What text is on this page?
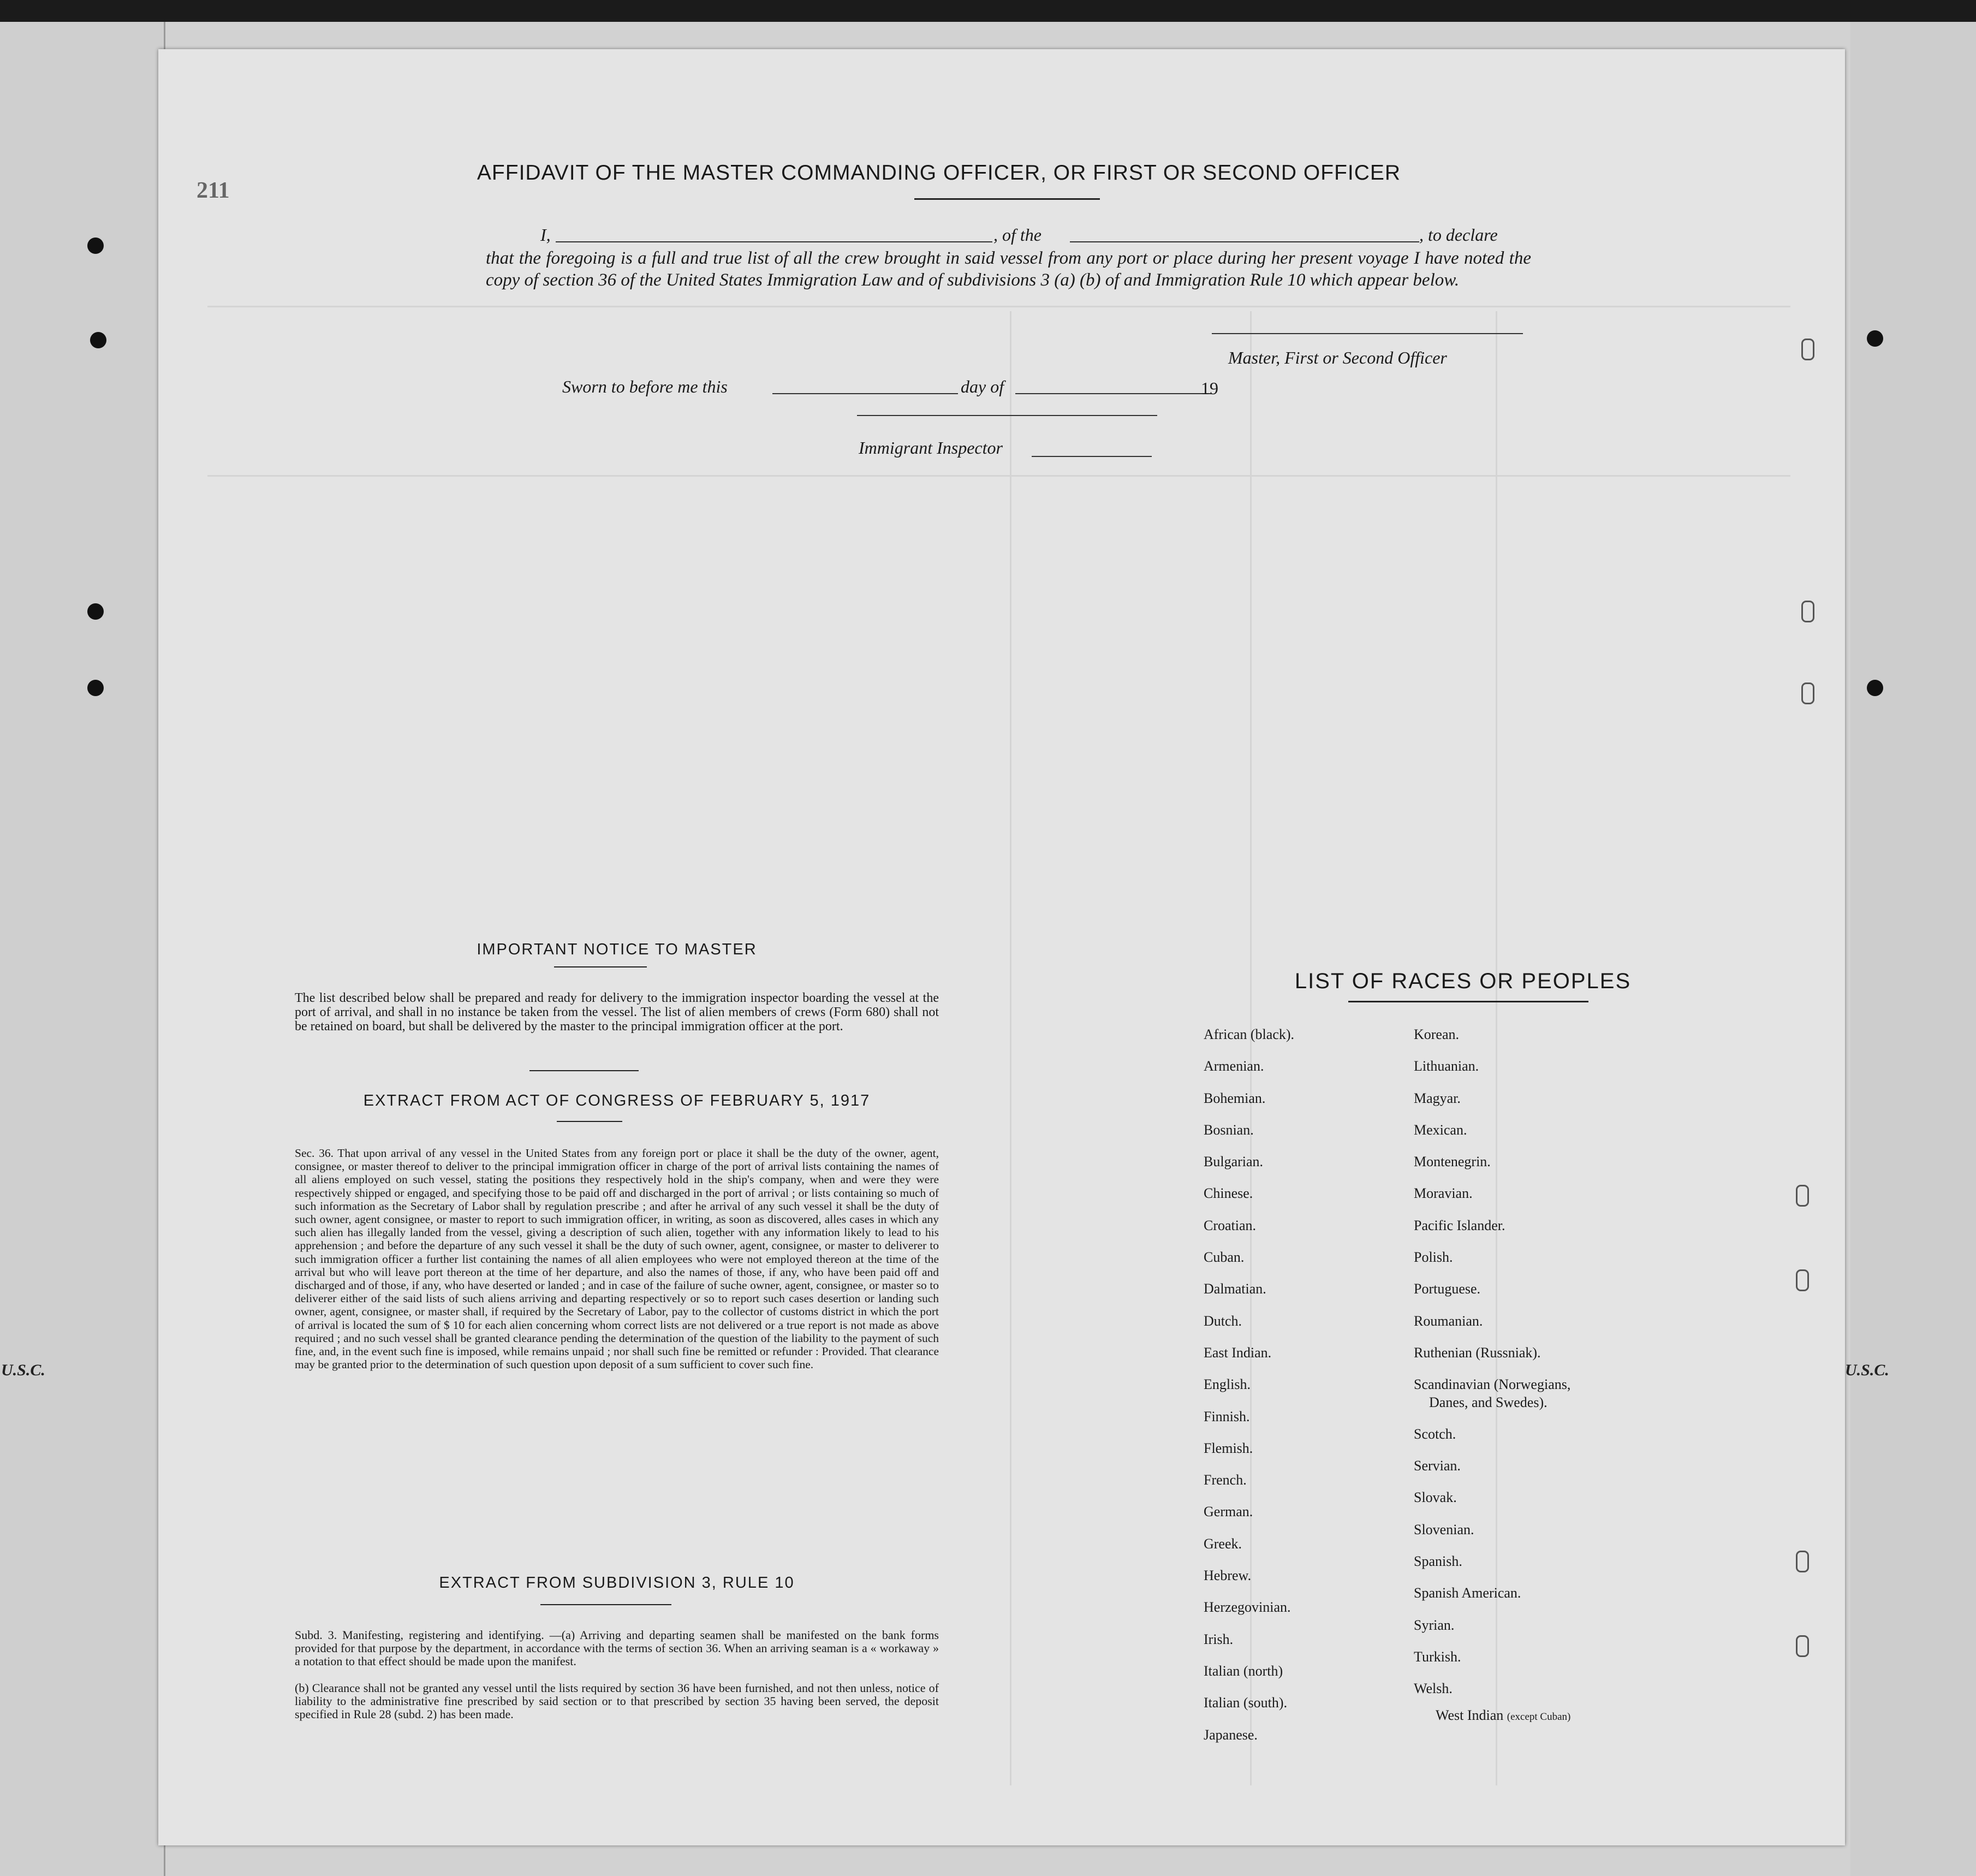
U.S.C.	U.S.C.
211
AFFIDAVIT OF THE MASTER COMMANDING OFFICER, OR FIRST OR SECOND OFFICER
I,	, of the	, to declare
that the foregoing is a full and true list of all the crew brought in said vessel from any port or place during her present voyage I have noted the copy of section 36 of the United States Immigration Law and of subdivisions 3 (a) (b) of and Immigration Rule 10 which appear below.
Master, First or Second Officer
Sworn to before me this	day of	19
Immigrant Inspector
IMPORTANT NOTICE TO MASTER
The list described below shall be prepared and ready for delivery to the immigration inspector boarding the vessel at the port of arrival, and shall in no instance be taken from the vessel. The list of alien members of crews (Form 680) shall not be retained on board, but shall be delivered by the master to the principal immigration officer at the port.
EXTRACT FROM ACT OF CONGRESS OF FEBRUARY 5, 1917
Sec. 36. That upon arrival of any vessel in the United States from any foreign port or place it shall be the duty of the owner, agent, consignee, or master thereof to deliver to the principal immigration officer in charge of the port of arrival lists containing the names of all aliens employed on such vessel, stating the positions they respectively hold in the ship's company, when and were they were respectively shipped or engaged, and specifying those to be paid off and discharged in the port of arrival ; or lists containing so much of such information as the Secretary of Labor shall by regulation prescribe ; and after he arrival of any such vessel it shall be the duty of such owner, agent consignee, or master to report to such immigration officer, in writing, as soon as discovered, alles cases in which any such alien has illegally landed from the vessel, giving a description of such alien, together with any information likely to lead to his apprehension ; and before the departure of any such vessel it shall be the duty of such owner, agent, consignee, or master to deliverer to such immigration officer a further list containing the names of all alien employees who were not employed thereon at the time of the arrival but who will leave port thereon at the time of her departure, and also the names of those, if any, who have been paid off and discharged and of those, if any, who have deserted or landed ; and in case of the failure of suche owner, agent, consignee, or master so to deliverer either of the said lists of such aliens arriving and departing respectively or so to report such cases desertion or landing such owner, agent, consignee, or master shall, if required by the Secretary of Labor, pay to the collector of customs district in which the port of arrival is located the sum of $ 10 for each alien concerning whom correct lists are not delivered or a true report is not made as above required ; and no such vessel shall be granted clearance pending the determination of the question of the liability to the payment of such fine, and, in the event such fine is imposed, while remains unpaid ; nor shall such fine be remitted or refunder : Provided. That clearance may be granted prior to the determination of such question upon deposit of a sum sufficient to cover such fine.
EXTRACT FROM SUBDIVISION 3, RULE 10
Subd. 3. Manifesting, registering and identifying. —(a) Arriving and departing seamen shall be manifested on the bank forms provided for that purpose by the department, in accordance with the terms of section 36. When an arriving seaman is a « workaway » a notation to that effect should be made upon the manifest.
(b) Clearance shall not be granted any vessel until the lists required by section 36 have been furnished, and not then unless, notice of liability to the administrative fine prescribed by said section or to that prescribed by section 35 having been served, the deposit specified in Rule 28 (subd. 2) has been made.
LIST OF RACES OR PEOPLES
African (black).
Armenian.
Bohemian.
Bosnian.
Bulgarian.
Chinese.
Croatian.
Cuban.
Dalmatian.
Dutch.
East Indian.
English.
Finnish.
Flemish.
French.
German.
Greek.
Hebrew.
Herzegovinian.
Irish.
Italian (north)
Italian (south).
Japanese.
Korean.
Lithuanian.
Magyar.
Mexican.
Montenegrin.
Moravian.
Pacific Islander.
Polish.
Portuguese.
Roumanian.
Ruthenian (Russniak).
Scandinavian (Norwegians,
Danes, and Swedes).
Scotch.
Servian.
Slovak.
Slovenian.
Spanish.
Spanish American.
Syrian.
Turkish.
Welsh.
West Indian (except Cuban)
